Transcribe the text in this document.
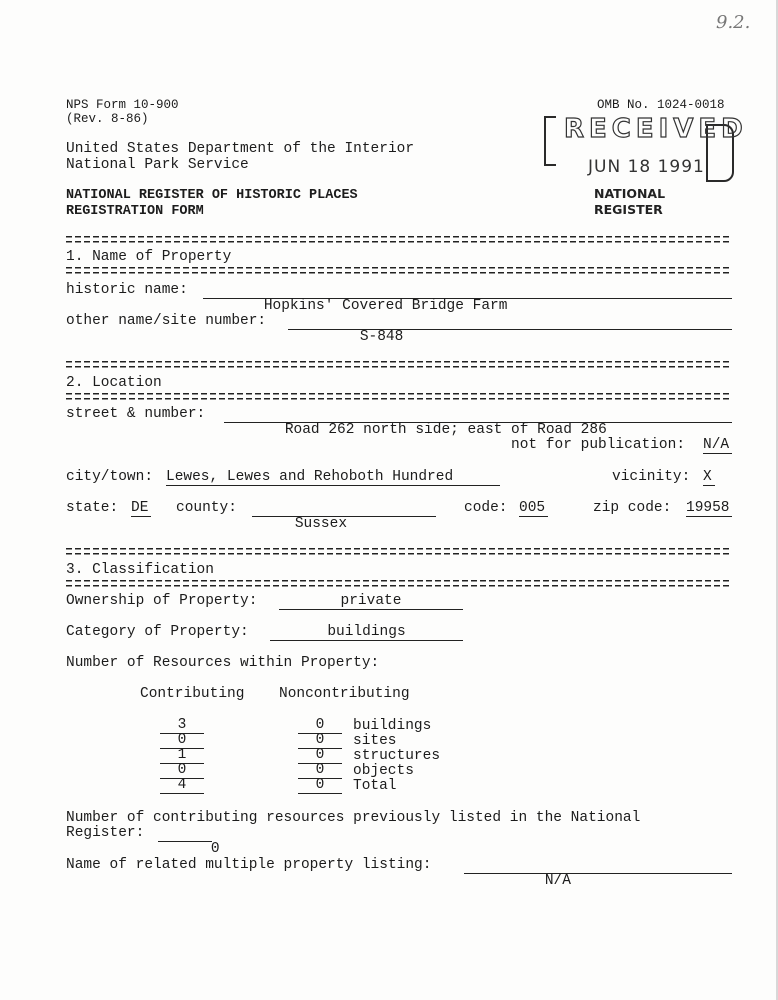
9.2.
NPS Form 10-900
(Rev. 8-86)
OMB No. 1024-0018
United States Department of the Interior
National Park Service
NATIONAL REGISTER OF HISTORIC PLACES
REGISTRATION FORM
RECEIVED
JUN 18 1991
NATIONAL
REGISTER
1. Name of Property
historic name:

Hopkins' Covered Bridge Farm

other name/site number:

S-848

2. Location
street & number:

Road 262 north side; east of Road 286

not for publication: N/A
city/town: Lewes, Lewes and Rehoboth Hundred	vicinity: X
state: DE county:

Sussex

code: 005	zip code: 19958
3. Classification
Ownership of Property:	private
Category of Property:	buildings
Number of Resources within Property:
Contributing Noncontributing
3	0	buildings
0	0	sites
1	0	structures
0	0	objects
4	0	Total
Number of contributing resources previously listed in the National
Register:

0

Name of related multiple property listing:

N/A
